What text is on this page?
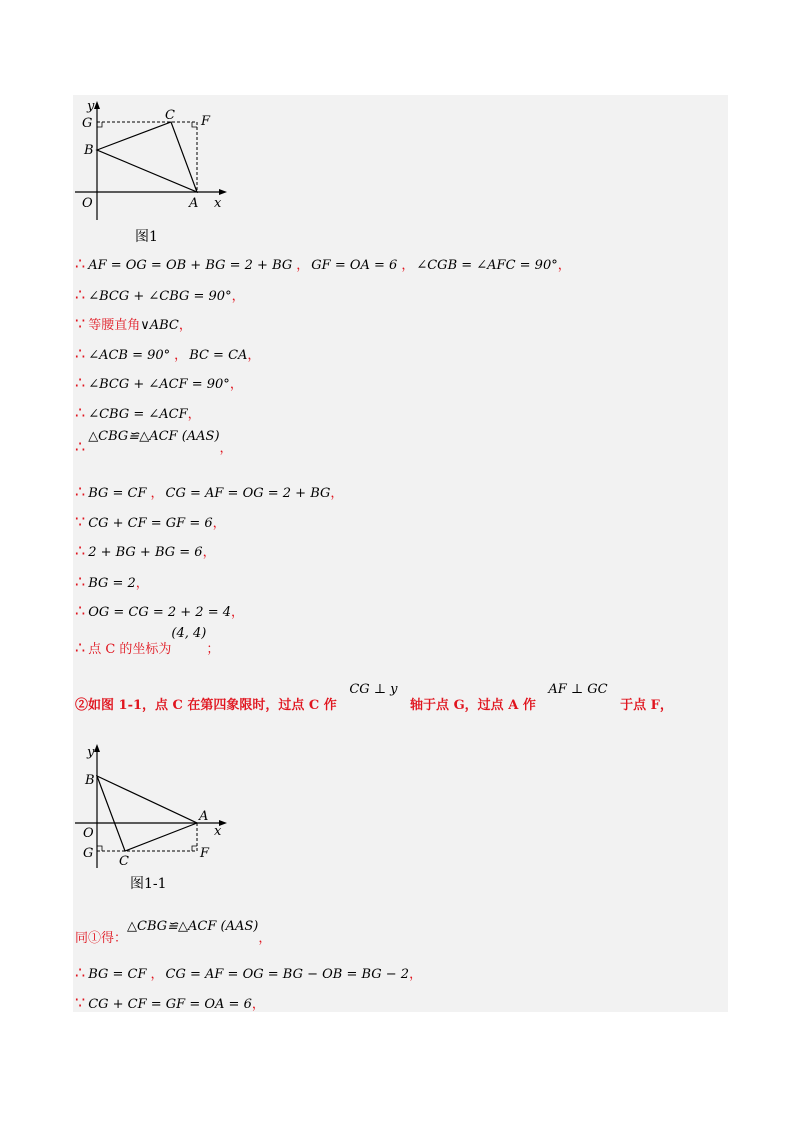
y
G
C F
B
O	A x
图1
∴ AF = OG = OB + BG = 2 + BG ， GF = OA = 6 ， ∠CGB = ∠AFC = 90°，
∴ ∠BCG + ∠CBG = 90°，
∵ 等腰直角∨ABC，
∴ ∠ACB = 90° ， BC = CA，
∴ ∠BCG + ∠ACF = 90°，
∴ ∠CBG = ∠ACF，
∴△CBG≌△ACF (AAS)，
∴ BG = CF ， CG = AF = OG = 2 + BG，
∵ CG + CF = GF = 6，
∴ 2 + BG + BG = 6，
∴ BG = 2，
∴ OG = CG = 2 + 2 = 4，
∴ 点 C 的坐标为(4, 4)；
②如图 1-1，点 C 在第四象限时，过点 C 作 CG ⊥ y 轴于点 G，过点 A 作 AF ⊥ GC 于点 F，
y
B
A
O	x
G
C
F
图1-1
同①得：△CBG≌△ACF (AAS)，
∴ BG = CF ， CG = AF = OG = BG − OB = BG − 2，
∵ CG + CF = GF = OA = 6，
